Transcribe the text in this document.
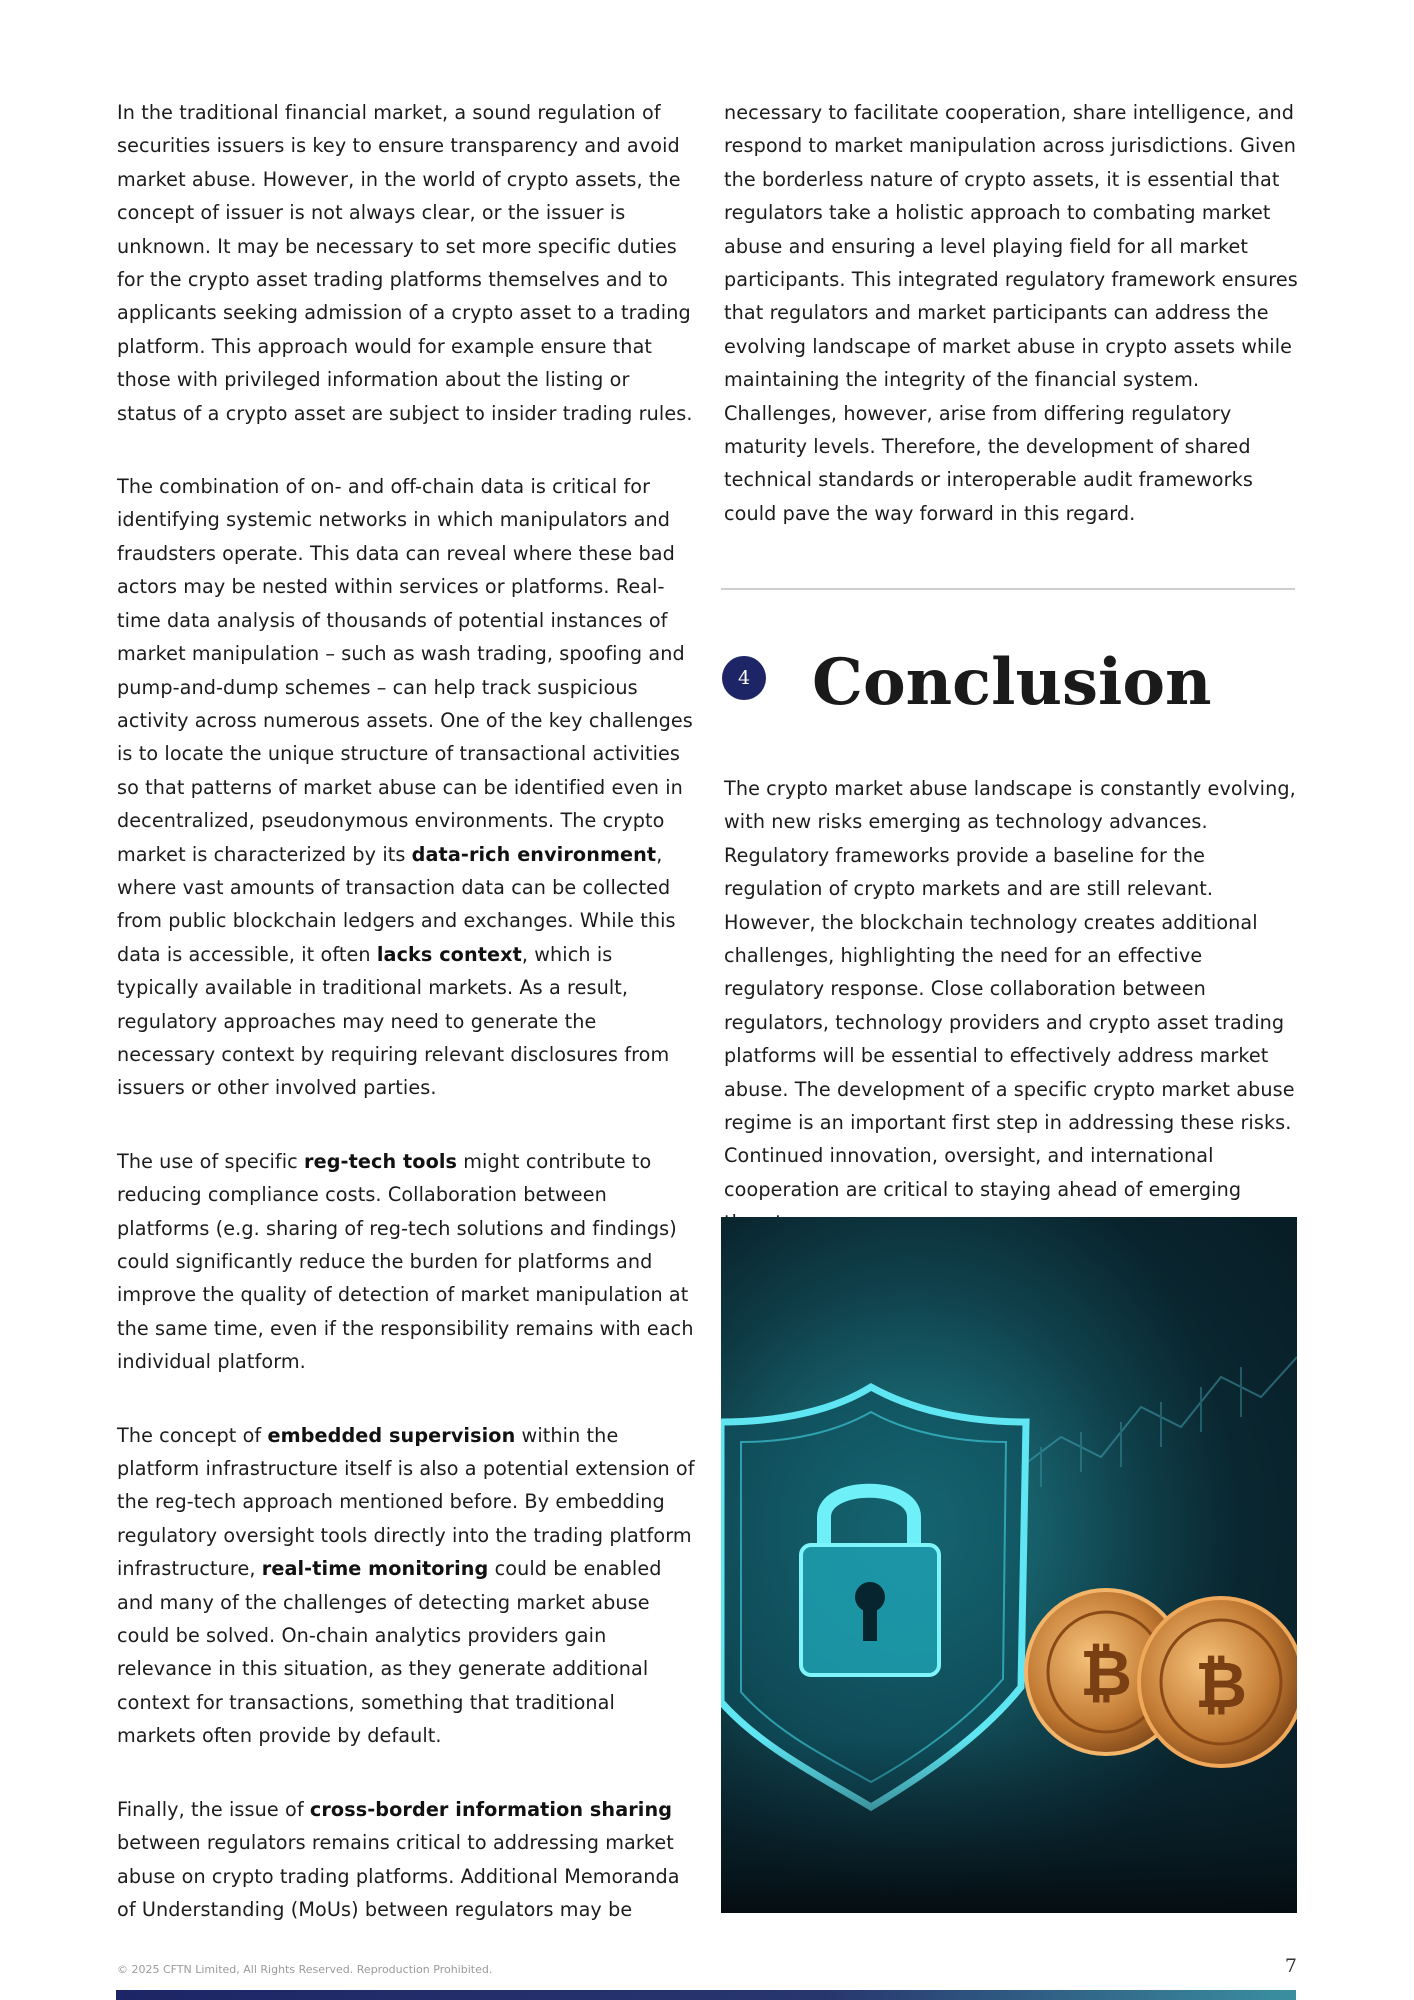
In the traditional financial market, a sound regulation of securities issuers is key to ensure transparency and avoid market abuse. However, in the world of crypto assets, the concept of issuer is not always clear, or the issuer is unknown. It may be necessary to set more specific duties for the crypto asset trading platforms themselves and to applicants seeking admission of a crypto asset to a trading platform. This approach would for example ensure that those with privileged information about the listing or status of a crypto asset are subject to insider trading rules.

The combination of on- and off-chain data is critical for identifying systemic networks in which manipulators and fraudsters operate. This data can reveal where these bad actors may be nested within services or platforms. Real-time data analysis of thousands of potential instances of market manipulation – such as wash trading, spoofing and pump-and-dump schemes – can help track suspicious activity across numerous assets. One of the key challenges is to locate the unique structure of transactional activities so that patterns of market abuse can be identified even in decentralized, pseudonymous environments. The crypto market is characterized by its data-rich environment, where vast amounts of transaction data can be collected from public blockchain ledgers and exchanges. While this data is accessible, it often lacks context, which is typically available in traditional markets. As a result, regulatory approaches may need to generate the necessary context by requiring relevant disclosures from issuers or other involved parties.

The use of specific reg-tech tools might contribute to reducing compliance costs. Collaboration between platforms (e.g. sharing of reg-tech solutions and findings) could significantly reduce the burden for platforms and improve the quality of detection of market manipulation at the same time, even if the responsibility remains with each individual platform.

The concept of embedded supervision within the platform infrastructure itself is also a potential extension of the reg-tech approach mentioned before. By embedding regulatory oversight tools directly into the trading platform infrastructure, real-time monitoring could be enabled and many of the challenges of detecting market abuse could be solved. On-chain analytics providers gain relevance in this situation, as they generate additional context for transactions, something that traditional markets often provide by default.

Finally, the issue of cross-border information sharing between regulators remains critical to addressing market abuse on crypto trading platforms. Additional Memoranda of Understanding (MoUs) between regulators may be

necessary to facilitate cooperation, share intelligence, and respond to market manipulation across jurisdictions. Given the borderless nature of crypto assets, it is essential that regulators take a holistic approach to combating market abuse and ensuring a level playing field for all market participants. This integrated regulatory framework ensures that regulators and market participants can address the evolving landscape of market abuse in crypto assets while maintaining the integrity of the financial system. Challenges, however, arise from differing regulatory maturity levels. Therefore, the development of shared technical standards or interoperable audit frameworks could pave the way forward in this regard.

4 Conclusion

The crypto market abuse landscape is constantly evolving, with new risks emerging as technology advances. Regulatory frameworks provide a baseline for the regulation of crypto markets and are still relevant. However, the blockchain technology creates additional challenges, highlighting the need for an effective regulatory response. Close collaboration between regulators, technology providers and crypto asset trading platforms will be essential to effectively address market abuse. The development of a specific crypto market abuse regime is an important first step in addressing these risks. Continued innovation, oversight, and international cooperation are critical to staying ahead of emerging

₿ ₿
© 2025 CFTN Limited, All Rights Reserved. Reproduction Prohibited.	7
